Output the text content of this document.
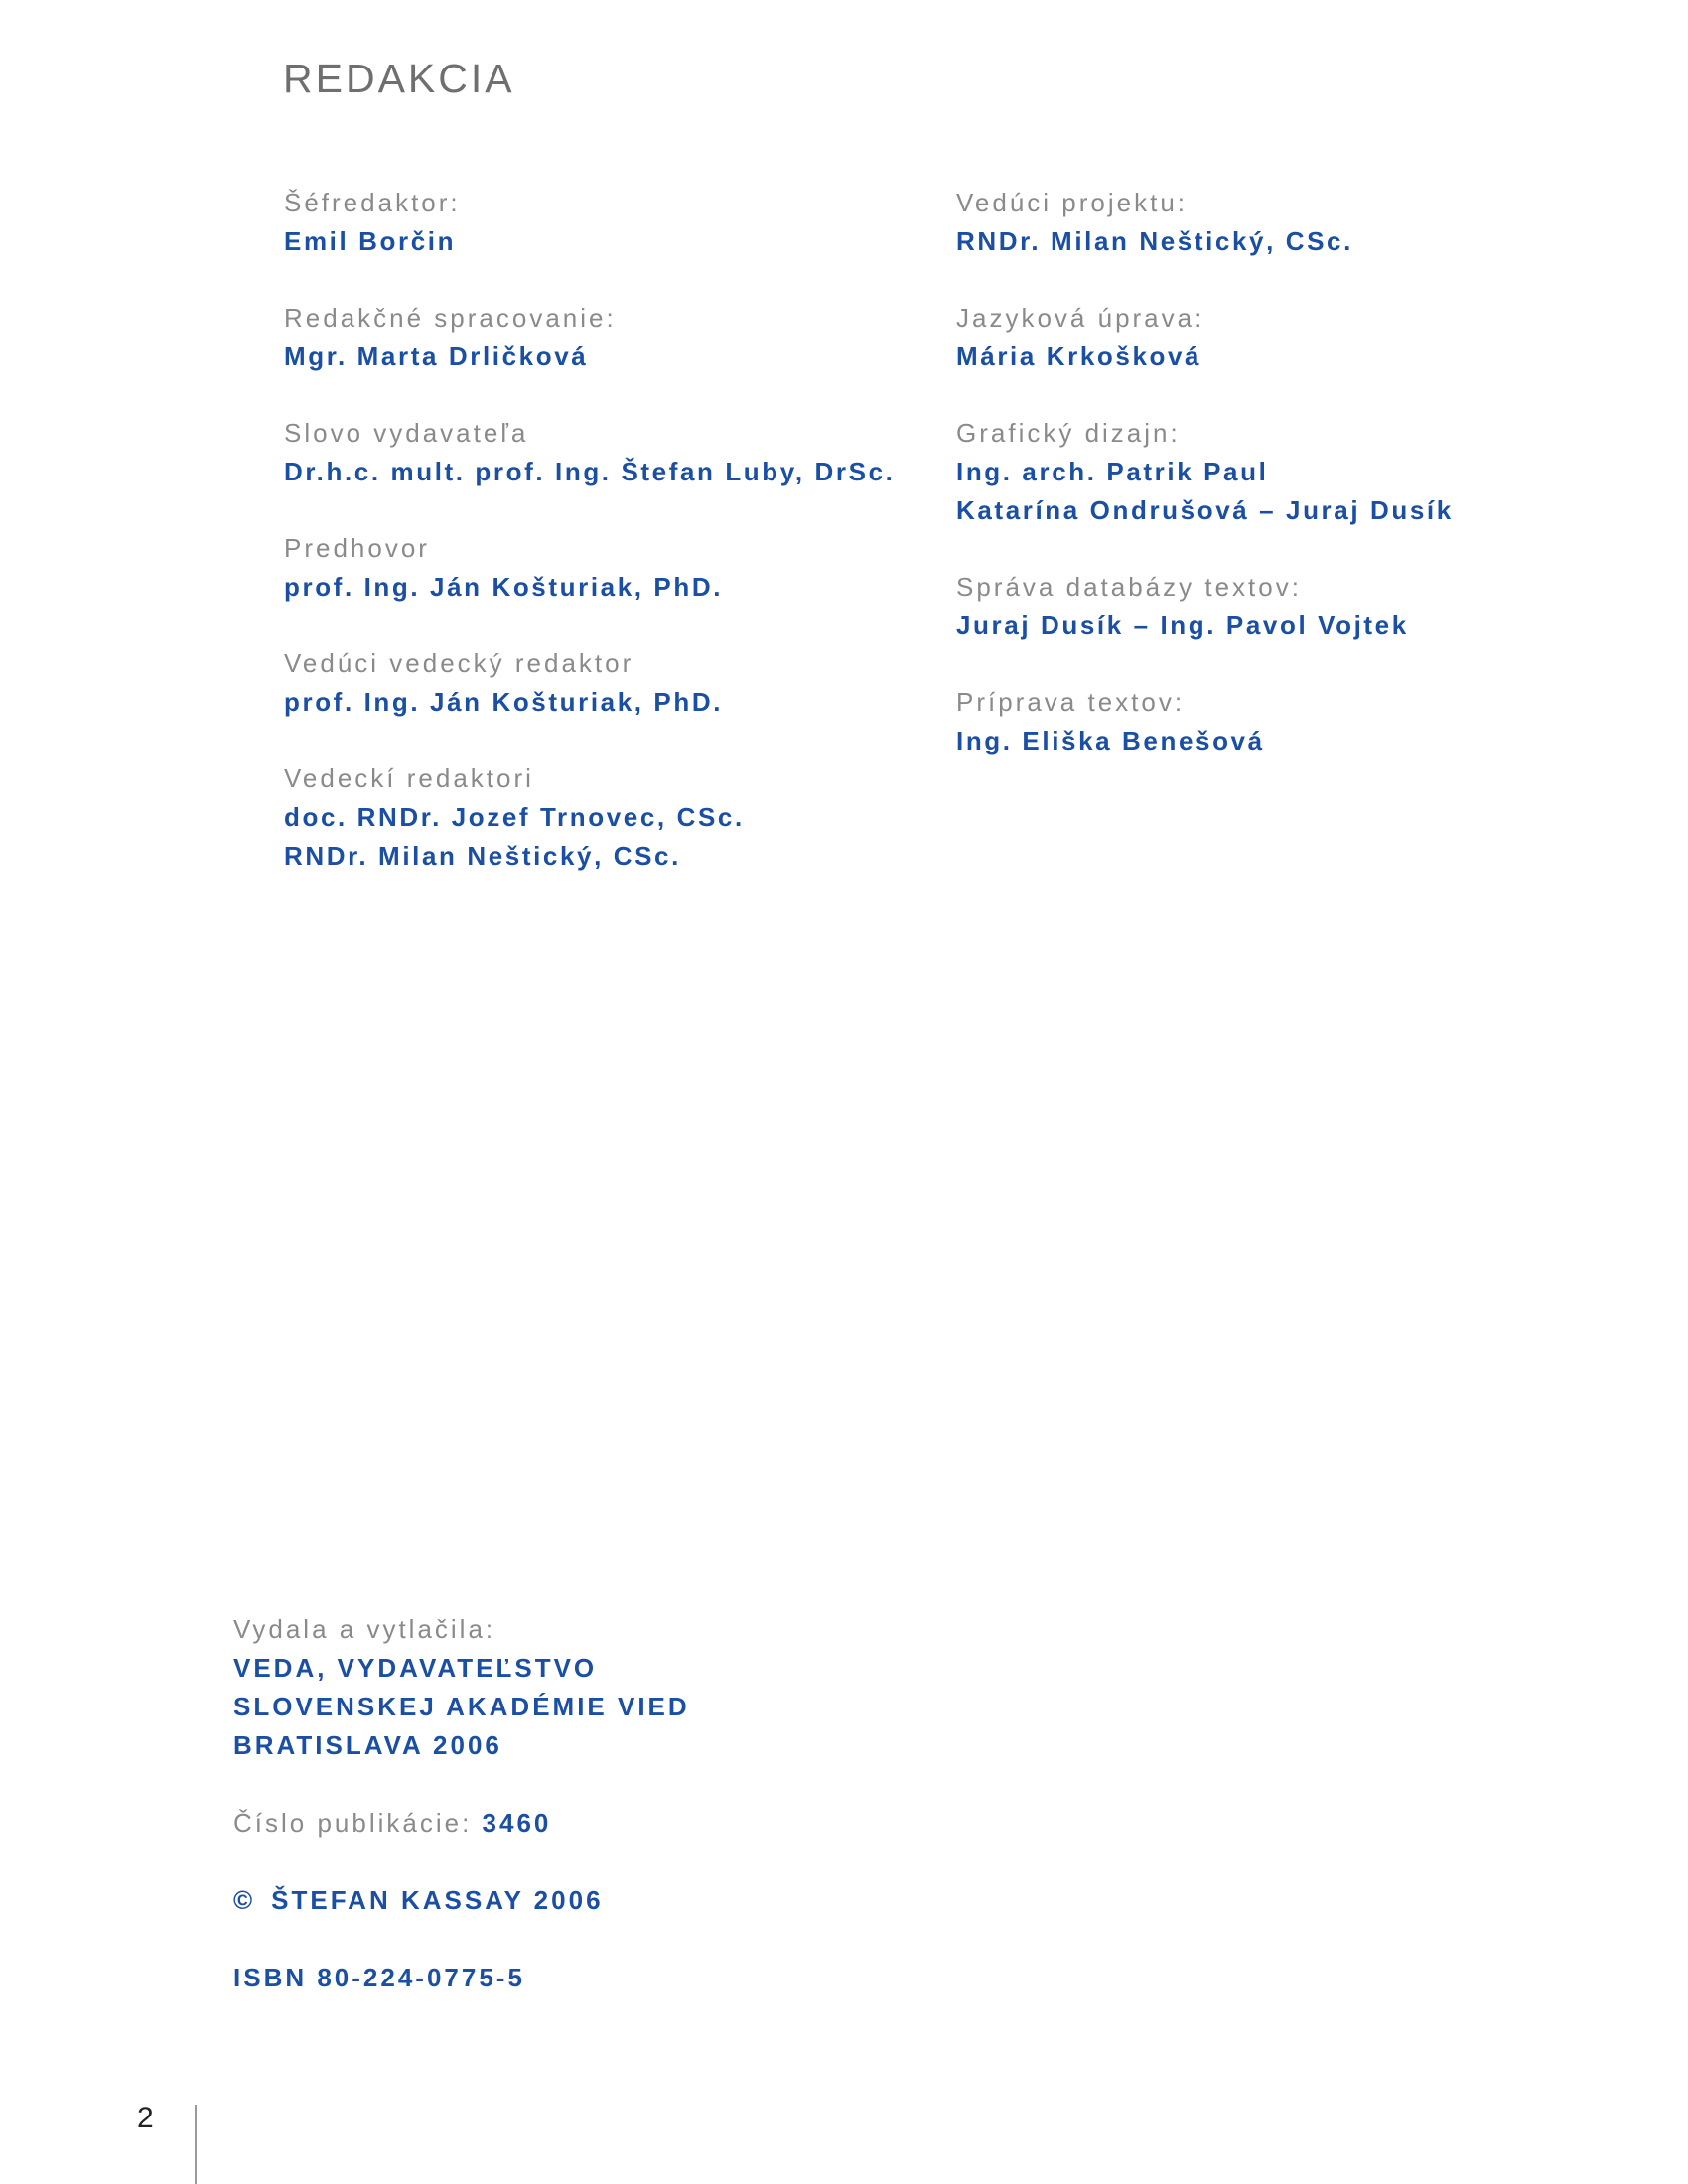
REDAKCIA
Šéfredaktor:
Emil Borčin
Redakčné spracovanie:
Mgr. Marta Drličková
Slovo vydavateľa
Dr.h.c. mult. prof. Ing. Štefan Luby, DrSc.
Predhovor
prof. Ing. Ján Košturiak, PhD.
Vedúci vedecký redaktor
prof. Ing. Ján Košturiak, PhD.
Vedeckí redaktori
doc. RNDr. Jozef Trnovec, CSc.
RNDr. Milan Neštický, CSc.
Vedúci projektu:
RNDr. Milan Neštický, CSc.
Jazyková úprava:
Mária Krkošková
Grafický dizajn:
Ing. arch. Patrik Paul
Katarína Ondrušová – Juraj Dusík
Správa databázy textov:
Juraj Dusík – Ing. Pavol Vojtek
Príprava textov:
Ing. Eliška Benešová
Vydala a vytlačila:
VEDA, VYDAVATEĽSTVO
SLOVENSKEJ AKADÉMIE VIED
BRATISLAVA 2006
Číslo publikácie: 3460
© ŠTEFAN KASSAY 2006
ISBN 80-224-0775-5
2
